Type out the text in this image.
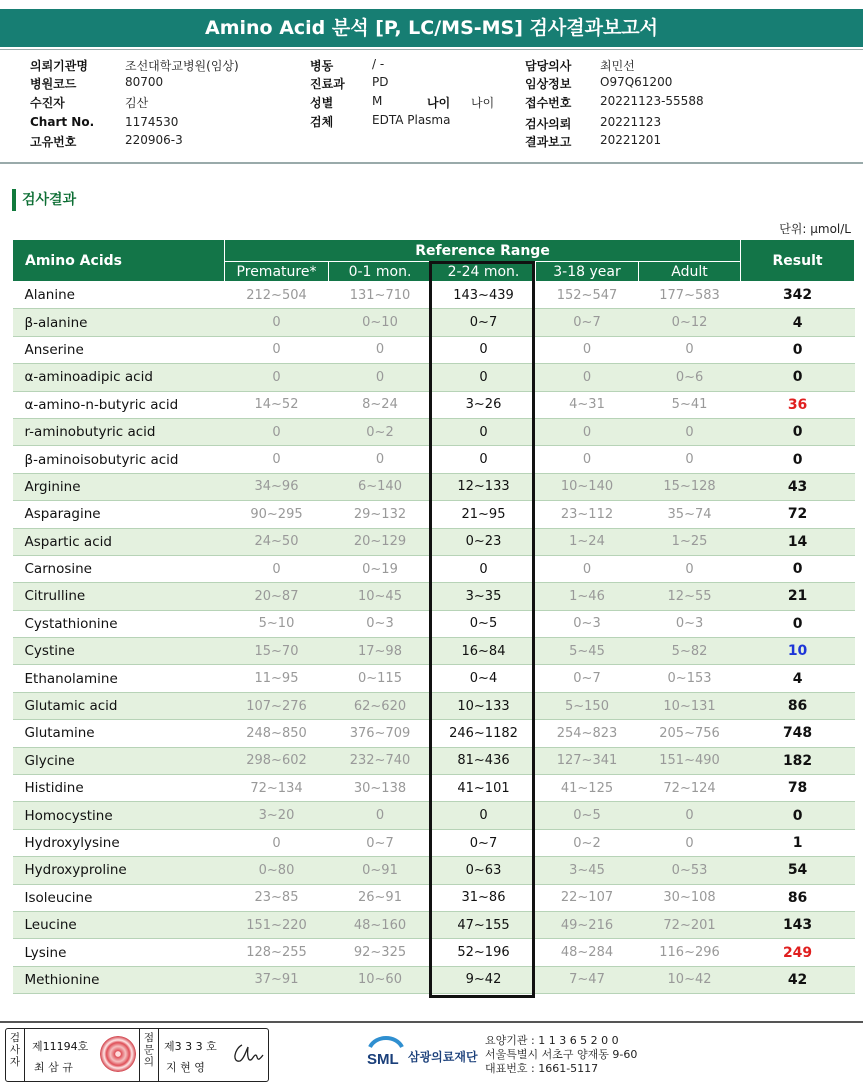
Amino Acid 분석 [P, LC/MS-MS] 검사결과보고서
의뢰기관명	조선대학교병원(임상)
병원코드	80700
수진자	김산
Chart No.	1174530
고유번호	220906-3
병동	/ -
진료과 PD
성별	M
검체	EDTA Plasma
나이 나이
담당의사 최민선
임상정보 O97Q61200
접수번호 20221123-55588
검사의뢰 20221123
결과보고 20221201
검사결과
단위: μmol/L
Amino Acids	Reference Range					Result
	Premature*	0-1 mon.	2-24 mon.	3-18 year	Adult	
Alanine	212~504	131~710	143~439	152~547	177~583	342
β-alanine	0	0~10	0~7	0~7	0~12	4
Anserine	0	0	0	0	0	0
α-aminoadipic acid	0	0	0	0	0~6	0
α-amino-n-butyric acid	14~52	8~24	3~26	4~31	5~41	36
r-aminobutyric acid	0	0~2	0	0	0	0
β-aminoisobutyric acid	0	0	0	0	0	0
Arginine	34~96	6~140	12~133	10~140	15~128	43
Asparagine	90~295	29~132	21~95	23~112	35~74	72
Aspartic acid	24~50	20~129	0~23	1~24	1~25	14
Carnosine	0	0~19	0	0	0	0
Citrulline	20~87	10~45	3~35	1~46	12~55	21
Cystathionine	5~10	0~3	0~5	0~3	0~3	0
Cystine	15~70	17~98	16~84	5~45	5~82	10
Ethanolamine	11~95	0~115	0~4	0~7	0~153	4
Glutamic acid	107~276	62~620	10~133	5~150	10~131	86
Glutamine	248~850	376~709	246~1182	254~823	205~756	748
Glycine	298~602	232~740	81~436	127~341	151~490	182
Histidine	72~134	30~138	41~101	41~125	72~124	78
Homocystine	3~20	0	0	0~5	0	0
Hydroxylysine	0	0~7	0~7	0~2	0	1
Hydroxyproline	0~80	0~91	0~63	3~45	0~53	54
Isoleucine	23~85	26~91	31~86	22~107	30~108	86
Leucine	151~220	48~160	47~155	49~216	72~201	143
Lysine	128~255	92~325	52~196	48~284	116~296	249
Methionine	37~91	10~60	9~42	7~47	10~42	42
검사자
제11194호
최 삼 규
점문의
제3 3 3 호
지 현 영	SML 삼광의료재단
요양기관 : 1 1 3 6 5 2 0 0
서울특별시 서초구 양재동 9-60
대표번호 : 1661-5117
